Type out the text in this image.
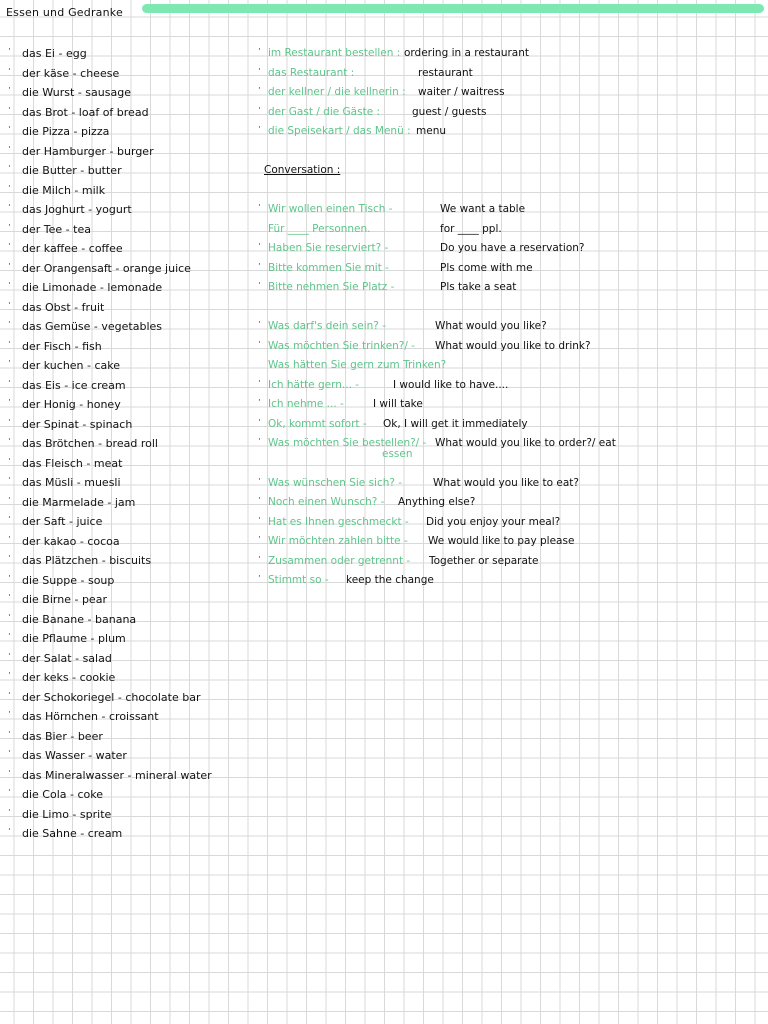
Essen und Gedranke
· das Ei - egg
· der käse - cheese
· die Wurst - sausage
· das Brot - loaf of bread
· die Pizza - pizza
· der Hamburger - burger
· die Butter - butter
· die Milch - milk
· das Joghurt - yogurt
· der Tee - tea
· der kaffee - coffee
· der Orangensaft - orange juice
· die Limonade - lemonade
· das Obst - fruit
· das Gemüse - vegetables
· der Fisch - fish
· der kuchen - cake
· das Eis - ice cream
· der Honig - honey
· der Spinat - spinach
· das Brötchen - bread roll
· das Fleisch - meat
· das Müsli - muesli
· die Marmelade - jam
· der Saft - juice
· der kakao - cocoa
· das Plätzchen - biscuits
· die Suppe - soup
· die Birne - pear
· die Banane - banana
· die Pflaume - plum
· der Salat - salad
· der keks - cookie
· der Schokoriegel - chocolate bar
· das Hörnchen - croissant
· das Bier - beer
· das Wasser - water
· das Mineralwasser - mineral water
· die Cola - coke
· die Limo - sprite
· die Sahne - cream
· im Restaurant bestellen : ordering in a restaurant
· das Restaurant :	restaurant
· der kellner / die kellnerin : waiter / waitress
· der Gast / die Gäste :	guest / guests
· die Speisekart / das Menü : menu
Conversation :
· Wir wollen einen Tisch -	We want a table
Für ____ Personnen.	for ____ ppl.
· Haben Sie reserviert? -	Do you have a reservation?
· Bitte kommen Sie mit -	Pls come with me
· Bitte nehmen Sie Platz -	Pls take a seat
· Was darf's dein sein? -	What would you like?
· Was möchten Sie trinken?/ - What would you like to drink?
Was hätten Sie gern zum Trinken?
· Ich hätte gern... -	I would like to have....
· Ich nehme ... -	I will take
· Ok, kommt sofort - Ok, I will get it immediately
· Was möchten Sie bestellen?/ - What would you like to order?/ eat
essen
· Was wünschen Sie sich? -	What would you like to eat?
· Noch einen Wunsch? - Anything else?
· Hat es Ihnen geschmeckt - Did you enjoy your meal?
· Wir möchten zahlen bitte - We would like to pay please
· Zusammen oder getrennt - Together or separate
· Stimmt so - keep the change
